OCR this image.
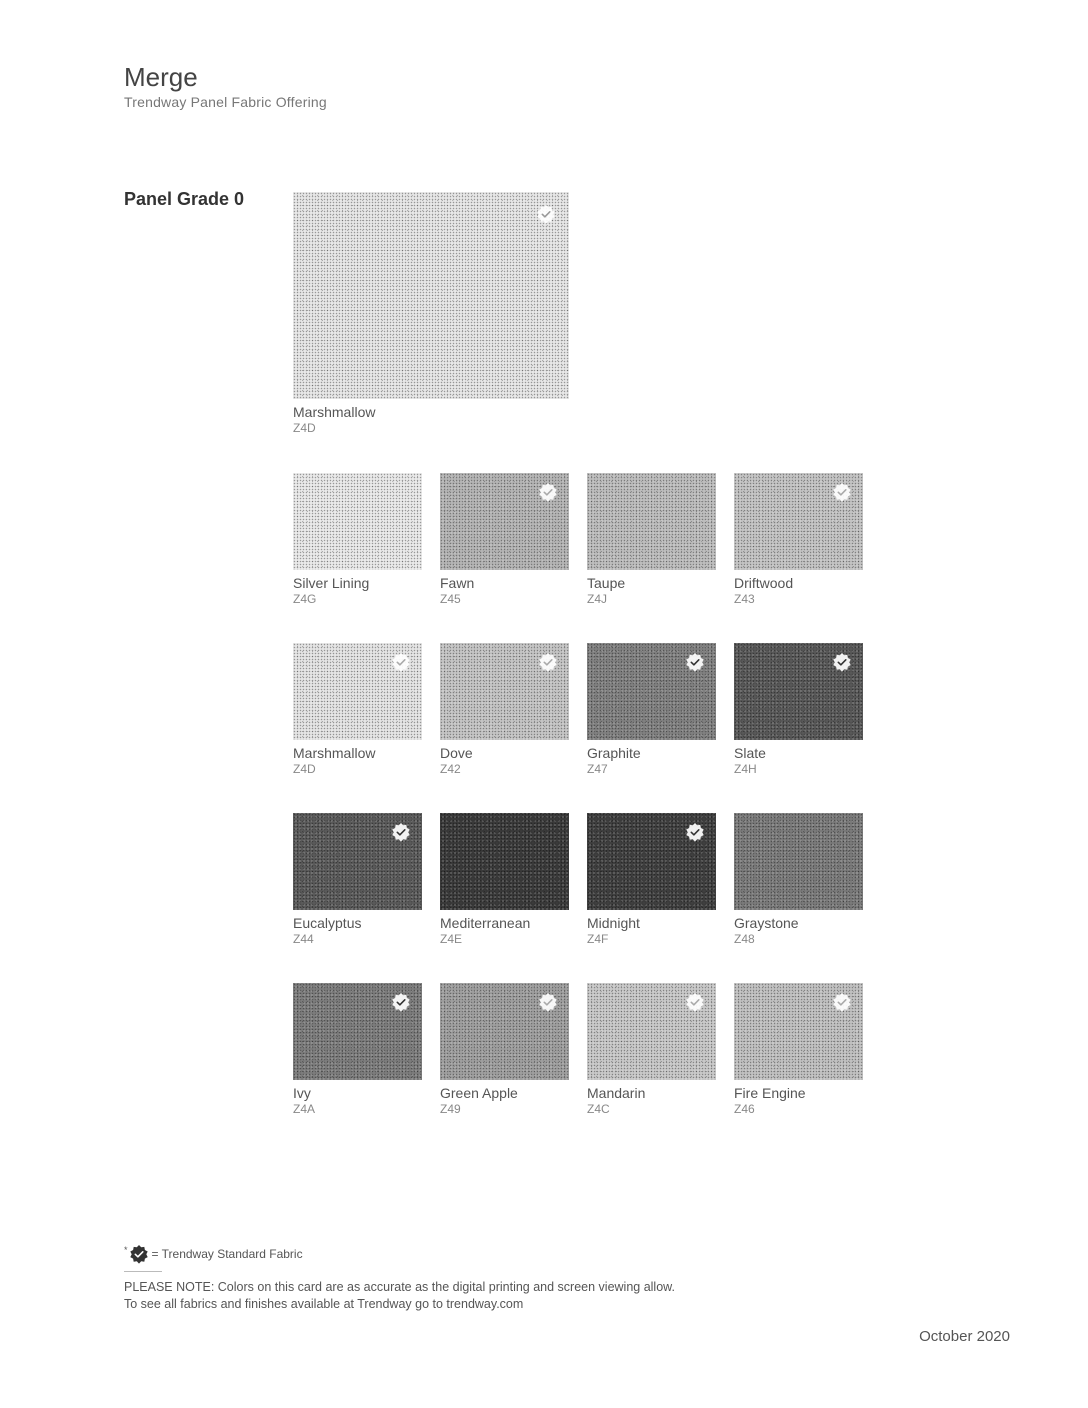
Merge
Trendway Panel Fabric Offering
Panel Grade 0
Marshmallow
Z4D
Silver Lining
Z4G
Fawn
Z45
Taupe
Z4J
Driftwood
Z43
Marshmallow
Z4D
Dove
Z42
Graphite
Z47
Slate
Z4H
Eucalyptus
Z44
Mediterranean
Z4E
Midnight
Z4F
Graystone
Z48
Ivy
Z4A
Green Apple
Z49
Mandarin
Z4C
Fire Engine
Z46
* = Trendway Standard Fabric
PLEASE NOTE: Colors on this card are as accurate as the digital printing and screen viewing allow.
To see all fabrics and finishes available at Trendway go to trendway.com
October 2020
